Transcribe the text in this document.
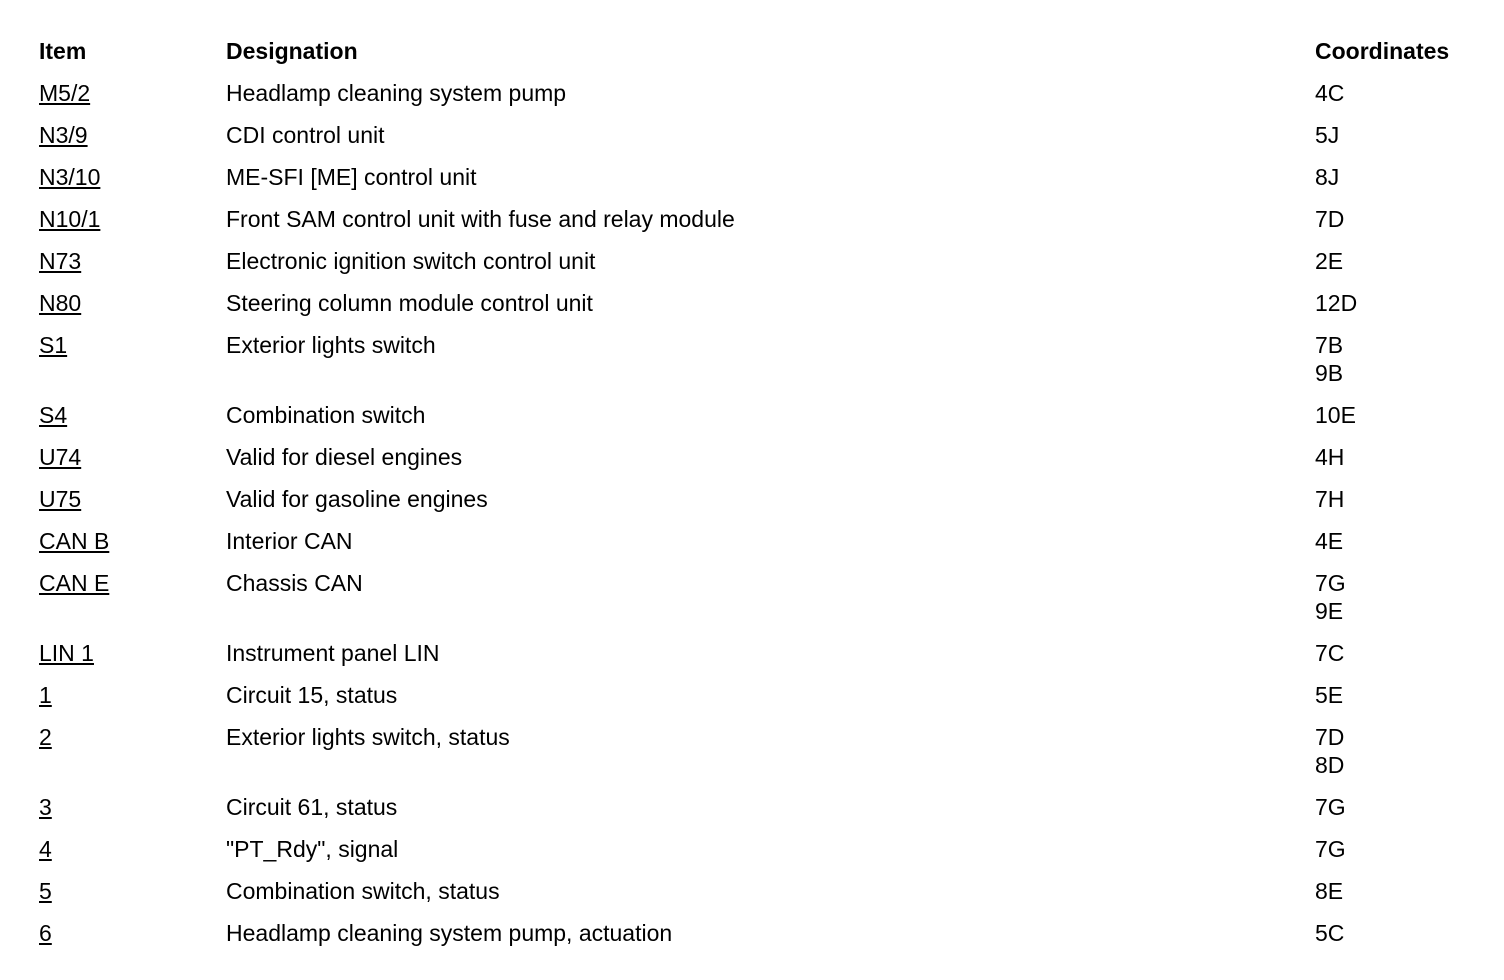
Item	Designation	Coordinates
M5/2	Headlamp cleaning system pump	4C

N3/9	CDI control unit	5J

N3/10	ME-SFI [ME] control unit	8J

N10/1	Front SAM control unit with fuse and relay module	7D

N73	Electronic ignition switch control unit	2E

N80	Steering column module control unit	12D

S1	Exterior lights switch	7B
9B

S4	Combination switch	10E

U74	Valid for diesel engines	4H

U75	Valid for gasoline engines	7H

CAN B	Interior CAN	4E

CAN E	Chassis CAN	7G
9E

LIN 1	Instrument panel LIN	7C

1	Circuit 15, status	5E

2	Exterior lights switch, status	7D
8D

3	Circuit 61, status	7G

4	"PT_Rdy", signal	7G

5	Combination switch, status	8E

6	Headlamp cleaning system pump, actuation	5C
